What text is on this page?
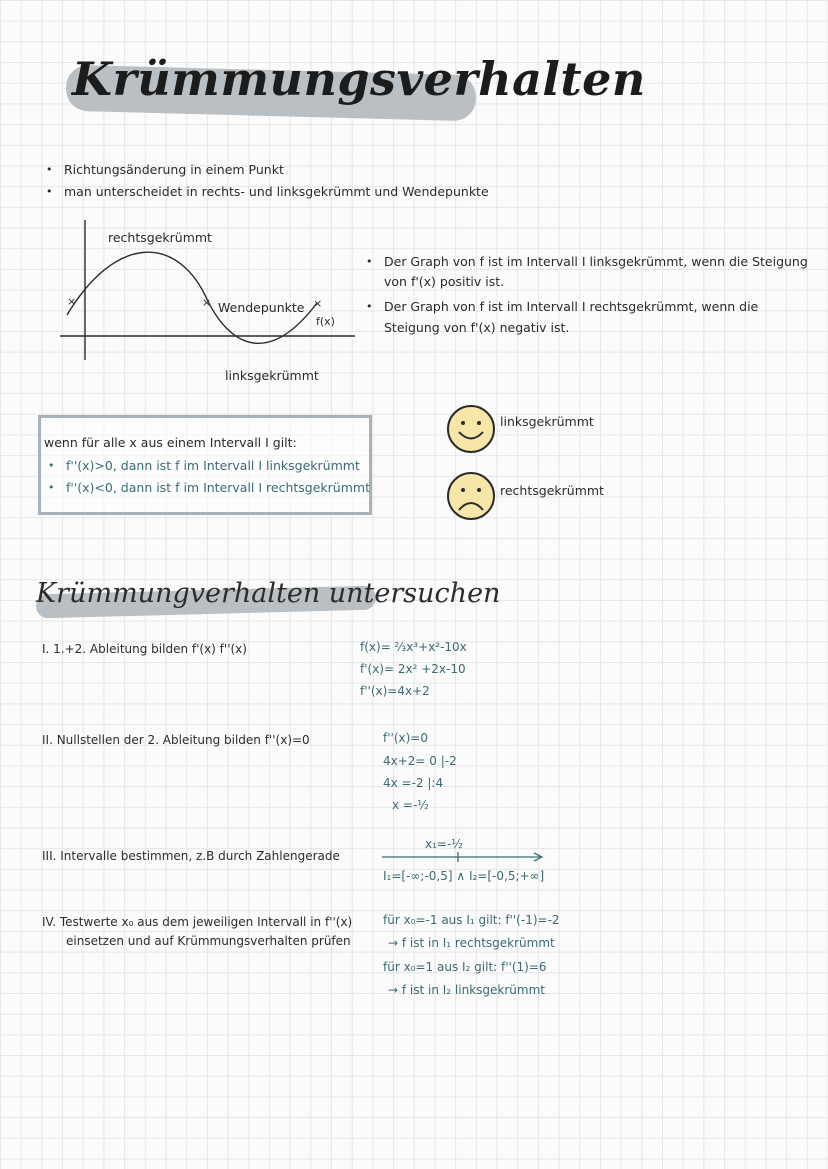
Krümmungsverhalten
• Richtungsänderung in einem Punkt
• man unterscheidet in rechts- und linksgekrümmt und Wendepunkte
×	×	×
rechtsgekrümmt
Wendepunkte
f(x)
linksgekrümmt
• Der Graph von f ist im Intervall I linksgekrümmt, wenn die Steigung
von f'(x) positiv ist.
• Der Graph von f ist im Intervall I rechtsgekrümmt, wenn die
Steigung von f'(x) negativ ist.
wenn für alle x aus einem Intervall I gilt:
• f''(x)>0, dann ist f im Intervall I linksgekrümmt
• f''(x)<0, dann ist f im Intervall I rechtsgekrümmt
linksgekrümmt
rechtsgekrümmt
Krümmungverhalten untersuchen
I. 1.+2. Ableitung bilden f'(x) f''(x)	f(x)= ⅔x³+x²-10x
f'(x)= 2x² +2x-10
f''(x)=4x+2
II. Nullstellen der 2. Ableitung bilden f''(x)=0	f''(x)=0
4x+2= 0 |-2
4x =-2 |:4
x =-½
III. Intervalle bestimmen, z.B durch Zahlengerade
x₁=-½
I₁=[-∞;-0,5] ∧ I₂=[-0,5;+∞]
IV. Testwerte x₀ aus dem jeweiligen Intervall in f''(x)
einsetzen und auf Krümmungsverhalten prüfen
für x₀=-1 aus I₁ gilt: f''(-1)=-2
→ f ist in I₁ rechtsgekrümmt
für x₀=1 aus I₂ gilt: f''(1)=6
→ f ist in I₂ linksgekrümmt
